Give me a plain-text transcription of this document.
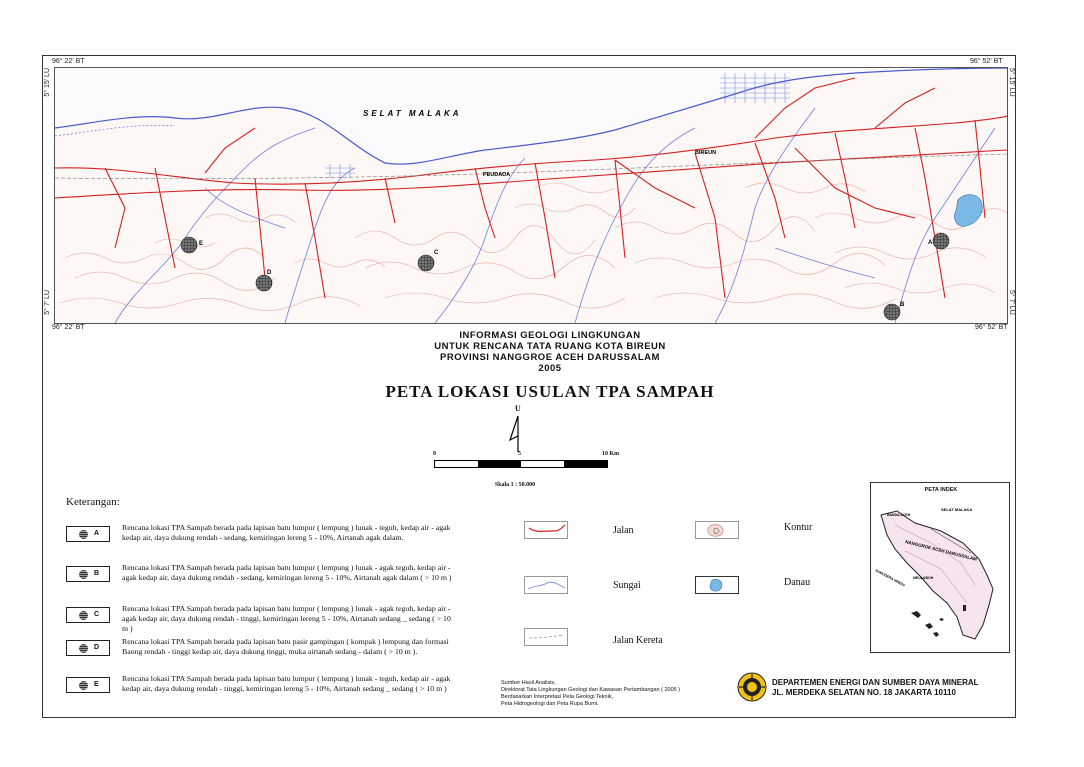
96° 22' BT	96° 52' BT
96° 22' BT	96° 52' BT
5° 15' LU
5° 7' LU
5° 15' LU
5° 7' LU
SELAT MALAKA
BIREUN
PEUDADA
A
B
C
D
E
INFORMASI GEOLOGI LINGKUNGAN
UNTUK RENCANA TATA RUANG KOTA BIREUN
PROVINSI NANGGROE ACEH DARUSSALAM
2005
PETA LOKASI USULAN TPA SAMPAH
U
0	5	10 Km
Skala 1 : 50.000
Keterangan:
A
Rencana lokasi TPA Sampah berada pada lapisan batu lumpur ( lempung ) lunak - teguh, kedap air - agak kedap air, daya dukung rendah - sedang, kemiringan lereng 5 - 10%, Airtanah agak dalam.
B
Rencana lokasi TPA Sampah berada pada lapisan batu lumpur ( lempung ) lunak - agak teguh, kedap air - agak kedap air, daya dukung rendah - sedang, kemiringan lereng 5 - 10%, Airtanah agak dalam ( > 10 m )
C
Rencana lokasi TPA Sampah berada pada lapisan batu lumpur ( lempung ) lunak - agak teguh, kedap air - agak kedap air, daya dukung rendah - tinggi, kemiringan lereng 5 - 10%, Airtanah sedang _ sedang ( > 10 m )
D
Rencana lokasi TPA Sampah berada pada lapisan batu pasir gampingan ( kompak ) lempung dan formasi Baong rendah - tinggi kedap air, daya dukung tinggi, muka airtanah sedang - dalam ( > 10 m ).
E
Rencana lokasi TPA Sampah berada pada lapisan batu lumpur ( lempung ) lunak - teguh, kedap air - agak kedap air, daya dukung rendah - tinggi, kemiringan lereng 5 - 10%, Airtanah sedang _ sedang ( > 10 m )
Jalan
Sungai
Jalan Kereta
Kontur
Danau
PETA INDEK
SELAT MALAKA
BANDA ACEH
SAMUDERA HINDIA MEULABOH
NANGGROE ACEH DARUSSALAM
Sumber Hasil Analisis,
Direktorat Tata Lingkungan Geologi dan Kawasan Pertambangan ( 2005 )
Berdasarkan Interpretasi Peta Geologi Teknik,
Peta Hidrogeologi dan Peta Rupa Bumi.
DEPARTEMEN ENERGI DAN SUMBER DAYA MINERAL
JL. MERDEKA SELATAN NO. 18 JAKARTA 10110
